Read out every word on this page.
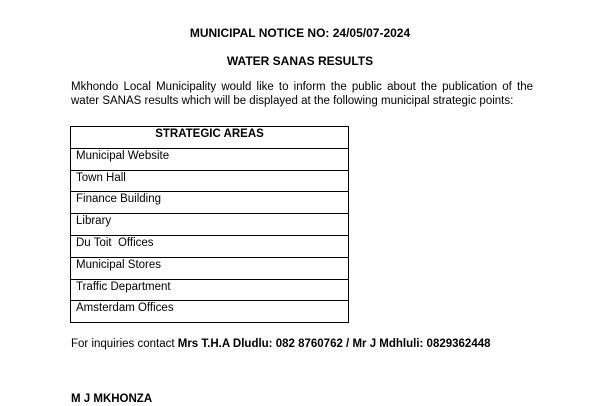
MUNICIPAL NOTICE NO: 24/05/07-2024

WATER SANAS RESULTS

Mkhondo Local Municipality would like to inform the public about the publication of the water SANAS results which will be displayed at the following municipal strategic points:

STRATEGIC AREAS
Municipal Website
Town Hall
Finance Building
Library
Du Toit  Offices
Municipal Stores
Traffic Department
Amsterdam Offices

For inquiries contact Mrs T.H.A Dludlu: 082 8760762 / Mr J Mdhluli: 0829362448

M J MKHONZA
